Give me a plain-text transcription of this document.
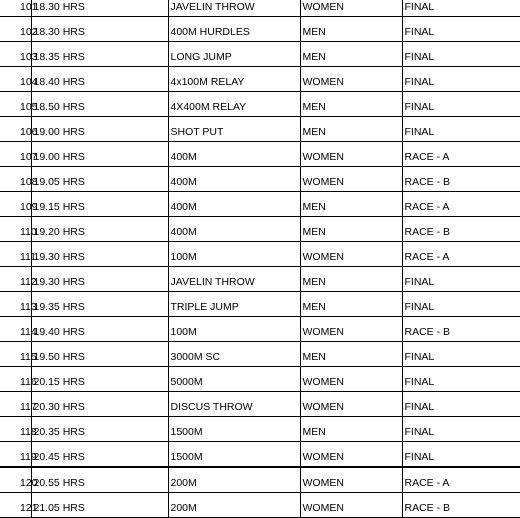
101	18.30 HRS	JAVELIN THROW	WOMEN	FINAL
102	18.30 HRS	400M HURDLES	MEN	FINAL
103	18.35 HRS	LONG JUMP	MEN	FINAL
104	18.40 HRS	4x100M RELAY	WOMEN	FINAL
105	18.50 HRS	4X400M RELAY	MEN	FINAL
106	19.00 HRS	SHOT PUT	MEN	FINAL
107	19.00 HRS	400M	WOMEN	RACE - A
108	19.05 HRS	400M	WOMEN	RACE - B
109	19.15 HRS	400M	MEN	RACE - A
110	19.20 HRS	400M	MEN	RACE - B
111	19.30 HRS	100M	WOMEN	RACE - A
112	19.30 HRS	JAVELIN THROW	MEN	FINAL
113	19.35 HRS	TRIPLE JUMP	MEN	FINAL
114	19.40 HRS	100M	WOMEN	RACE - B
115	19.50 HRS	3000M SC	MEN	FINAL
116	20.15 HRS	5000M	WOMEN	FINAL
117	20.30 HRS	DISCUS THROW	WOMEN	FINAL
118	20.35 HRS	1500M	MEN	FINAL
119	20.45 HRS	1500M	WOMEN	FINAL
120	20.55 HRS	200M	WOMEN	RACE - A
121	21.05 HRS	200M	WOMEN	RACE - B
